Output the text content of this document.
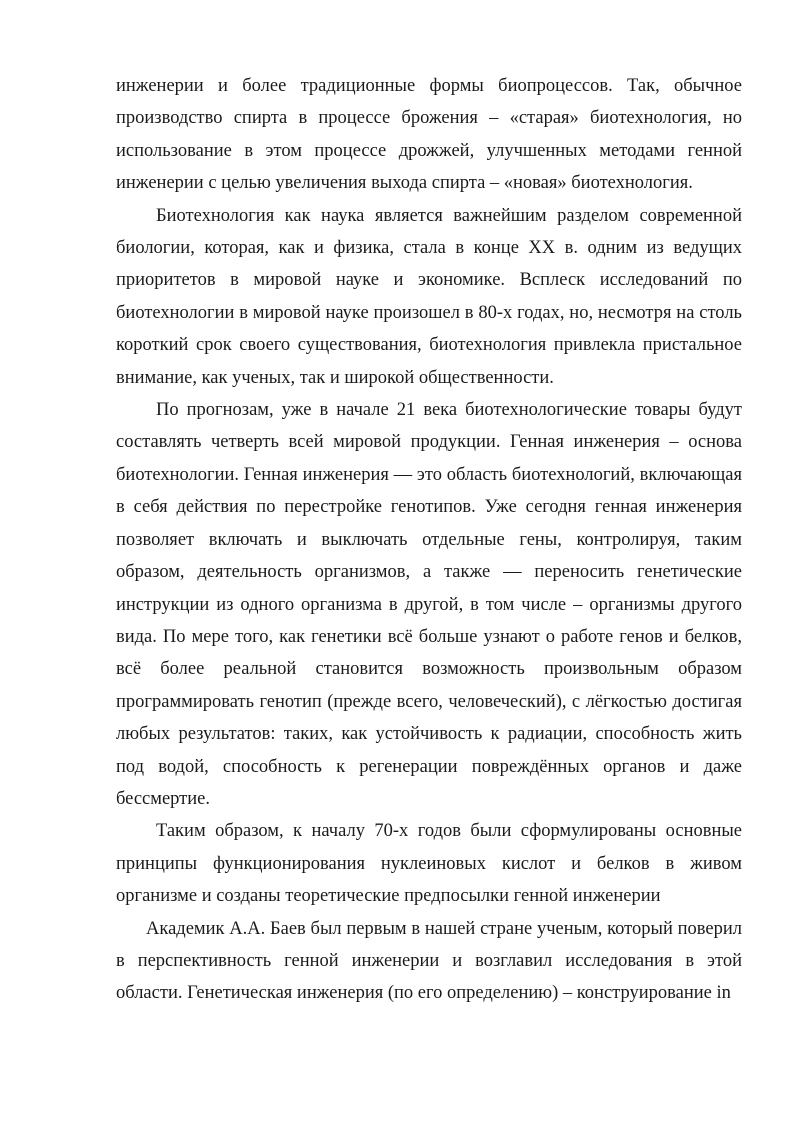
инженерии и более традиционные формы биопроцессов. Так, обычное производство спирта в процессе брожения – «старая» биотехнология, но использование в этом процессе дрожжей, улучшенных методами генной инженерии с целью увеличения выхода спирта – «новая» биотехнология.

Биотехнология как наука является важнейшим разделом современной биологии, которая, как и физика, стала в конце XX в. одним из ведущих приоритетов в мировой науке и экономике. Всплеск исследований по биотехнологии в мировой науке произошел в 80-х годах, но, несмотря на столь короткий срок своего существования, биотехнология привлекла пристальное внимание, как ученых, так и широкой общественности.

По прогнозам, уже в начале 21 века биотехнологические товары будут составлять четверть всей мировой продукции. Генная инженерия – основа биотехнологии. Генная инженерия — это область биотехнологий, включающая в себя действия по перестройке генотипов. Уже сегодня генная инженерия позволяет включать и выключать отдельные гены, контролируя, таким образом, деятельность организмов, а также — переносить генетические инструкции из одного организма в другой, в том числе – организмы другого вида. По мере того, как генетики всё больше узнают о работе генов и белков, всё более реальной становится возможность произвольным образом программировать генотип (прежде всего, человеческий), с лёгкостью достигая любых результатов: таких, как устойчивость к радиации, способность жить под водой, способность к регенерации повреждённых органов и даже бессмертие.

Таким образом, к началу 70-х годов были сформулированы основные принципы функционирования нуклеиновых кислот и белков в живом организме и созданы теоретические предпосылки генной инженерии

Академик А.А. Баев был первым в нашей стране ученым, который поверил в перспективность генной инженерии и возглавил исследования в этой области. Генетическая инженерия (по его определению) – конструирование in
